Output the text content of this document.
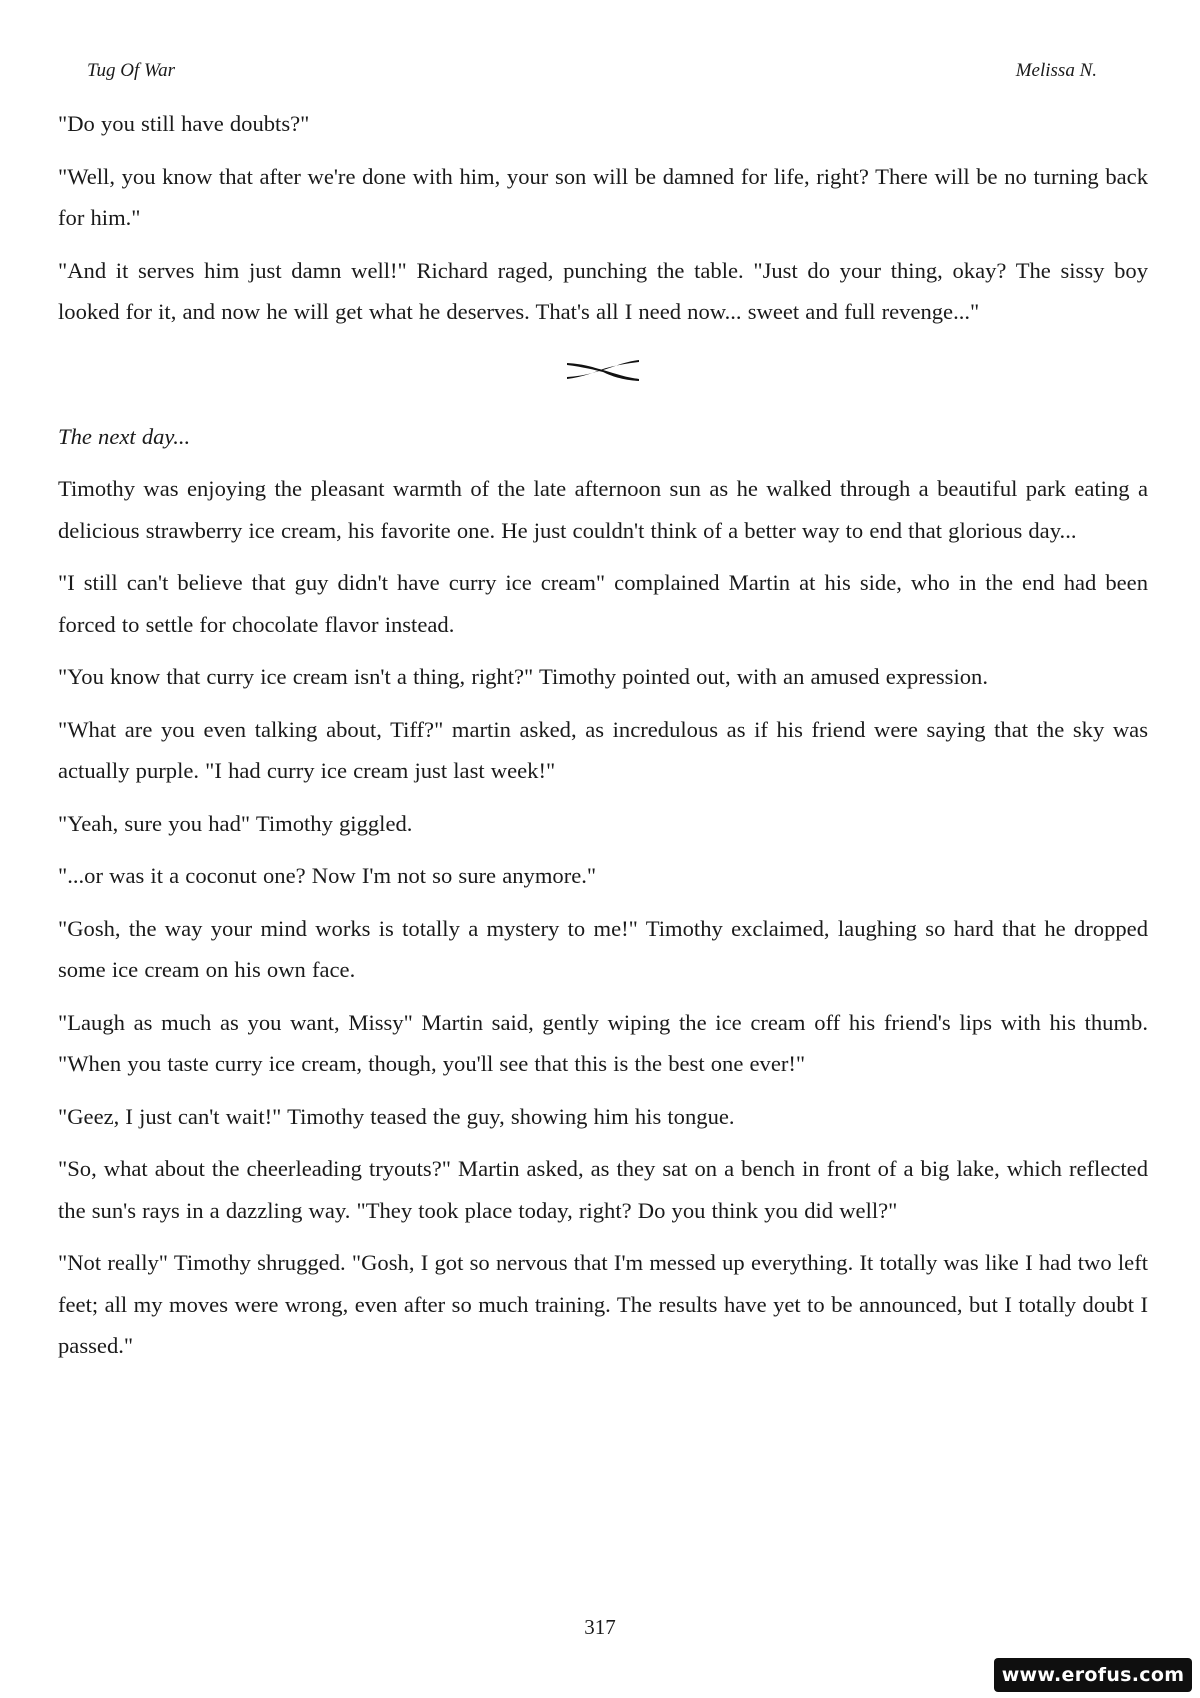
Tug Of War	Melissa N.

"Do you still have doubts?"

"Well, you know that after we're done with him, your son will be damned for life, right? There will be no turning back for him."

"And it serves him just damn well!" Richard raged, punching the table. "Just do your thing, okay? The sissy boy looked for it, and now he will get what he deserves. That's all I need now... sweet and full revenge..."

The next day...

Timothy was enjoying the pleasant warmth of the late afternoon sun as he walked through a beautiful park eating a delicious strawberry ice cream, his favorite one. He just couldn't think of a better way to end that glorious day...

"I still can't believe that guy didn't have curry ice cream" complained Martin at his side, who in the end had been forced to settle for chocolate flavor instead.

"You know that curry ice cream isn't a thing, right?" Timothy pointed out, with an amused expression.

"What are you even talking about, Tiff?" martin asked, as incredulous as if his friend were saying that the sky was actually purple. "I had curry ice cream just last week!"

"Yeah, sure you had" Timothy giggled.

"...or was it a coconut one? Now I'm not so sure anymore."

"Gosh, the way your mind works is totally a mystery to me!" Timothy exclaimed, laughing so hard that he dropped some ice cream on his own face.

"Laugh as much as you want, Missy" Martin said, gently wiping the ice cream off his friend's lips with his thumb. "When you taste curry ice cream, though, you'll see that this is the best one ever!"

"Geez, I just can't wait!" Timothy teased the guy, showing him his tongue.

"So, what about the cheerleading tryouts?" Martin asked, as they sat on a bench in front of a big lake, which reflected the sun's rays in a dazzling way. "They took place today, right? Do you think you did well?"

"Not really" Timothy shrugged. "Gosh, I got so nervous that I'm messed up everything. It totally was like I had two left feet; all my moves were wrong, even after so much training. The results have yet to be announced, but I totally doubt I passed."

317
www.erofus.com
